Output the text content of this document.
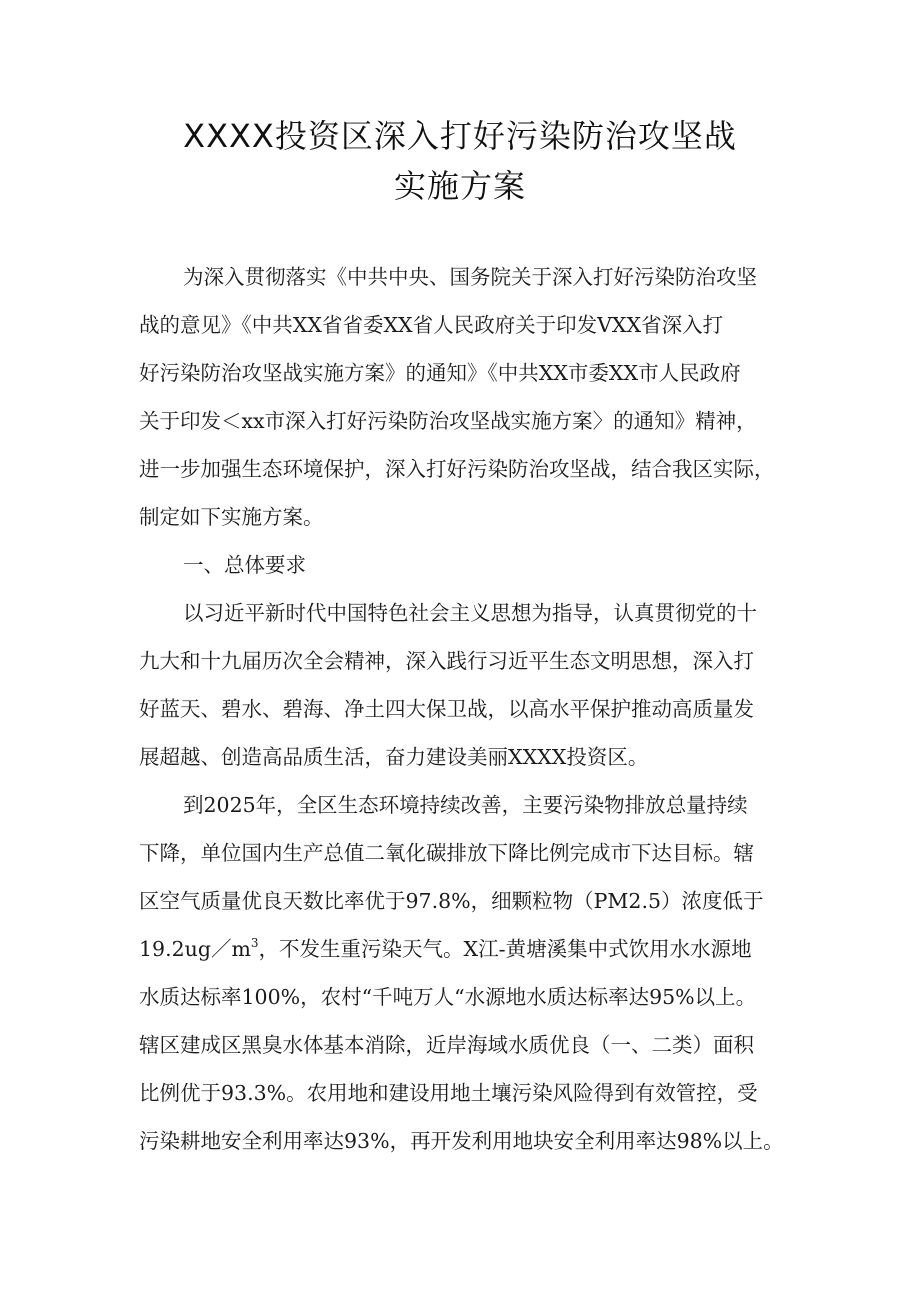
XXXX投资区深入打好污染防治攻坚战
实施方案
为深入贯彻落实《中共中央、国务院关于深入打好污染防治攻坚
战的意见》《中共XX省省委XX省人民政府关于印发VXX省深入打
好污染防治攻坚战实施方案》的通知》《中共XX市委XX市人民政府
关于印发＜xx市深入打好污染防治攻坚战实施方案〉的通知》精神，
进一步加强生态环境保护，深入打好污染防治攻坚战，结合我区实际，
制定如下实施方案。
一、总体要求
以习近平新时代中国特色社会主义思想为指导，认真贯彻党的十
九大和十九届历次全会精神，深入践行习近平生态文明思想，深入打
好蓝天、碧水、碧海、净土四大保卫战，以高水平保护推动高质量发
展超越、创造高品质生活，奋力建设美丽XXXX投资区。
到2025年，全区生态环境持续改善，主要污染物排放总量持续
下降，单位国内生产总值二氧化碳排放下降比例完成市下达目标。辖
区空气质量优良天数比率优于97.8%，细颗粒物（PM2.5）浓度低于
$19.2ug/m^3$，不发生重污染天气。X江-黄塘溪集中式饮用水水源地
水质达标率100%，农村“千吨万人“水源地水质达标率达95%以上。
辖区建成区黑臭水体基本消除，近岸海域水质优良（一、二类）面积
比例优于93.3%。农用地和建设用地土壤污染风险得到有效管控，受
污染耕地安全利用率达93%，再开发利用地块安全利用率达98%以上。
